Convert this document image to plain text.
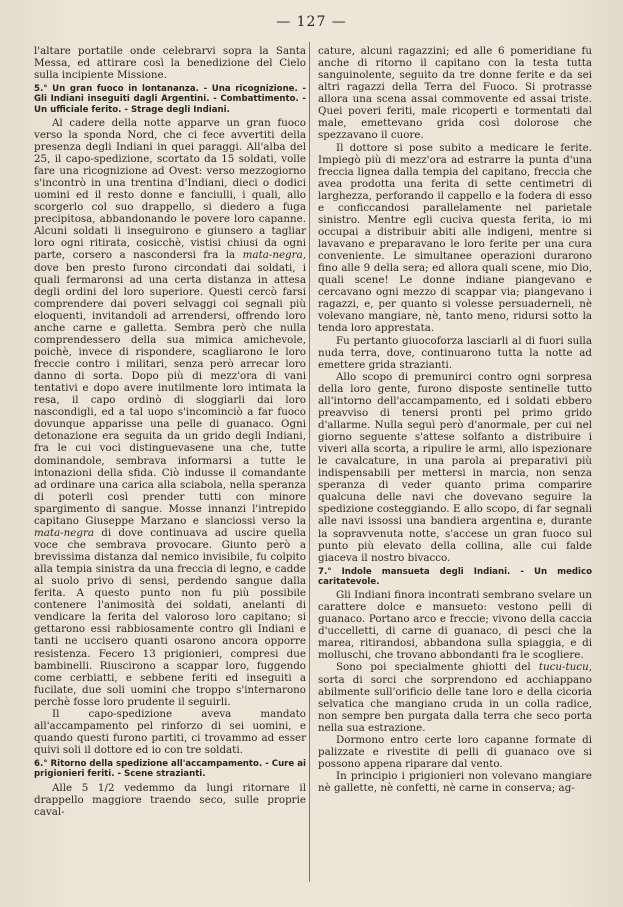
— 127 —

l'altare portatile onde celebrarvi sopra la Santa Messa, ed attirare così la benedizione del Cielo sulla incipiente Missione.

5.° Un gran fuoco in lontananza. - Una ricognizione. - Gli Indiani inseguiti dagli Argentini. - Combattimento. - Un ufficiale ferito. - Strage degli Indiani.

Al cadere della notte apparve un gran fuoco verso la sponda Nord, che ci fece avvertiti della presenza degli Indiani in quei paraggi. All'alba del 25, il capo-spedizione, scortato da 15 soldati, volle fare una ricognizione ad Ovest: verso mezzogiorno s'incontrò in una trentina d'Indiani, dieci o dodici uomini ed il resto donne e fanciulli, i quali, allo scorgerlo col suo drappello, si diedero a fuga precipitosa, abbandonando le povere loro capanne. Alcuni soldati li inseguirono e giunsero a tagliar loro ogni ritirata, cosicchè, vistisi chiusi da ogni parte, corsero a nascondersi fra la mata-negra, dove ben presto furono circondati dai soldati, i quali fermaronsi ad una certa distanza in attesa degli ordini del loro superiore. Questi cercò farsi comprendere dai poveri selvaggi coi segnali più eloquenti, invitandoli ad arrendersi, offrendo loro anche carne e galletta. Sembra però che nulla comprendessero della sua mimica amichevole, poichè, invece di rispondere, scagliarono le loro freccie contro i militari, senza però arrecar loro danno di sorta. Dopo più di mezz'ora di vani tentativi e dopo avere inutilmente loro intimata la resa, il capo ordinò di sloggiarli dai loro nascondigli, ed a tal uopo s'incominciò a far fuoco dovunque apparisse una pelle di guanaco. Ogni detonazione era seguita da un grido degli Indiani, fra le cui voci distinguevasene una che, tutte dominandole, sembrava informarsi a tutte le intonazioni della sfida. Ciò indusse il comandante ad ordinare una carica alla sciabola, nella speranza di poterli così prender tutti con minore spargimento di sangue. Mosse innanzi l'intrepido capitano Giuseppe Marzano e slanciossi verso la mata-negra di dove continuava ad uscire quella voce che sembrava provocare. Giunto però a brevissima distanza dal nemico invisibile, fu colpito alla tempia sinistra da una freccia di legno, e cadde al suolo privo di sensi, perdendo sangue dalla ferita. A questo punto non fu più possibile contenere l'animosità dei soldati, anelanti di vendicare la ferita del valoroso loro capitano; si gettarono essi rabbiosamente contro gli Indiani e tanti ne uccisero quanti osarono ancora opporre resistenza. Fecero 13 prigionieri, compresi due bambinelli. Riuscirono a scappar loro, fuggendo come cerbiatti, e sebbene feriti ed inseguiti a fucilate, due soli uomini che troppo s'internarono perchè fosse loro prudente il seguirli.

Il capo-spedizione aveva mandato all'accampamento pel rinforzo di sei uomini, e quando questi furono partiti, ci trovammo ad esser quivi soli il dottore ed io con tre soldati.

6.° Ritorno della spedizione all'accampamento. - Cure ai prigionieri feriti. - Scene strazianti.

Alle 5 1/2 vedemmo da lungi ritornare il drappello maggiore traendo seco, sulle proprie caval-

cature, alcuni ragazzini; ed alle 6 pomeridiane fu anche di ritorno il capitano con la testa tutta sanguinolente, seguito da tre donne ferite e da sei altri ragazzi della Terra del Fuoco. Si protrasse allora una scena assai commovente ed assai triste. Quei poveri feriti, male ricoperti e tormentati dal male, emettevano grida così dolorose che spezzavano il cuore.

Il dottore si pose subito a medicare le ferite. Impiegò più di mezz'ora ad estrarre la punta d'una freccia lignea dalla tempia del capitano, freccia che avea prodotta una ferita di sette centimetri di larghezza, perforando il cappello e la fodera di esso e conficcandosi parallelamente nel parietale sinistro. Mentre egli cuciva questa ferita, io mi occupai a distribuir abiti alle indigeni, mentre si lavavano e preparavano le loro ferite per una cura conveniente. Le simultanee operazioni durarono fino alle 9 della sera; ed allora quali scene, mio Dio, quali scene! Le donne indiane piangevano e cercavano ogni mezzo di scappar via; piangevano i ragazzi, e, per quanto si volesse persuaderneli, nè volevano mangiare, nè, tanto meno, ridursi sotto la tenda loro apprestata.

Fu pertanto giuocoforza lasciarli al di fuori sulla nuda terra, dove, continuarono tutta la notte ad emettere grida strazianti.

Allo scopo di premunirci contro ogni sorpresa della loro gente, furono disposte sentinelle tutto all'intorno dell'accampamento, ed i soldati ebbero preavviso di tenersi pronti pel primo grido d'allarme. Nulla seguì però d'anormale, per cui nel giorno seguente s'attese solfanto a distribuire i viveri alla scorta, a ripulire le armi, allo ispezionare le cavalcature, in una parola ai preparativi più indispensabili per mettersi in marcia, non senza speranza di veder quanto prima comparire qualcuna delle navi che dovevano seguire la spedizione costeggiando. E allo scopo, di far segnali alle navi issossi una bandiera argentina e, durante la sopravvenuta notte, s'accese un gran fuoco sul punto più elevato della collina, alle cui falde giaceva il nostro bivacco.

7.° Indole mansueta degli Indiani. - Un medico caritatevole.

Gli Indiani finora incontrati sembrano svelare un carattere dolce e mansueto: vestono pelli di guanaco. Portano arco e freccie; vivono della caccia d'uccelletti, di carne di guanaco, di pesci che la marea, ritirandosi, abbandona sulla spiaggia, e di molluschi, che trovano abbondanti fra le scogliere.

Sono poi specialmente ghiotti del tucu-tucu, sorta di sorci che sorprendono ed acchiappano abilmente sull'orificio delle tane loro e della cicoria selvatica che mangiano cruda in un colla radice, non sempre ben purgata dalla terra che seco porta nella sua estrazione.

Dormono entro certe loro capanne formate di palizzate e rivestite di pelli di guanaco ove si possono appena riparare dal vento.

In principio i prigionieri non volevano mangiare nè gallette, nè confetti, nè carne in conserva; ag-
